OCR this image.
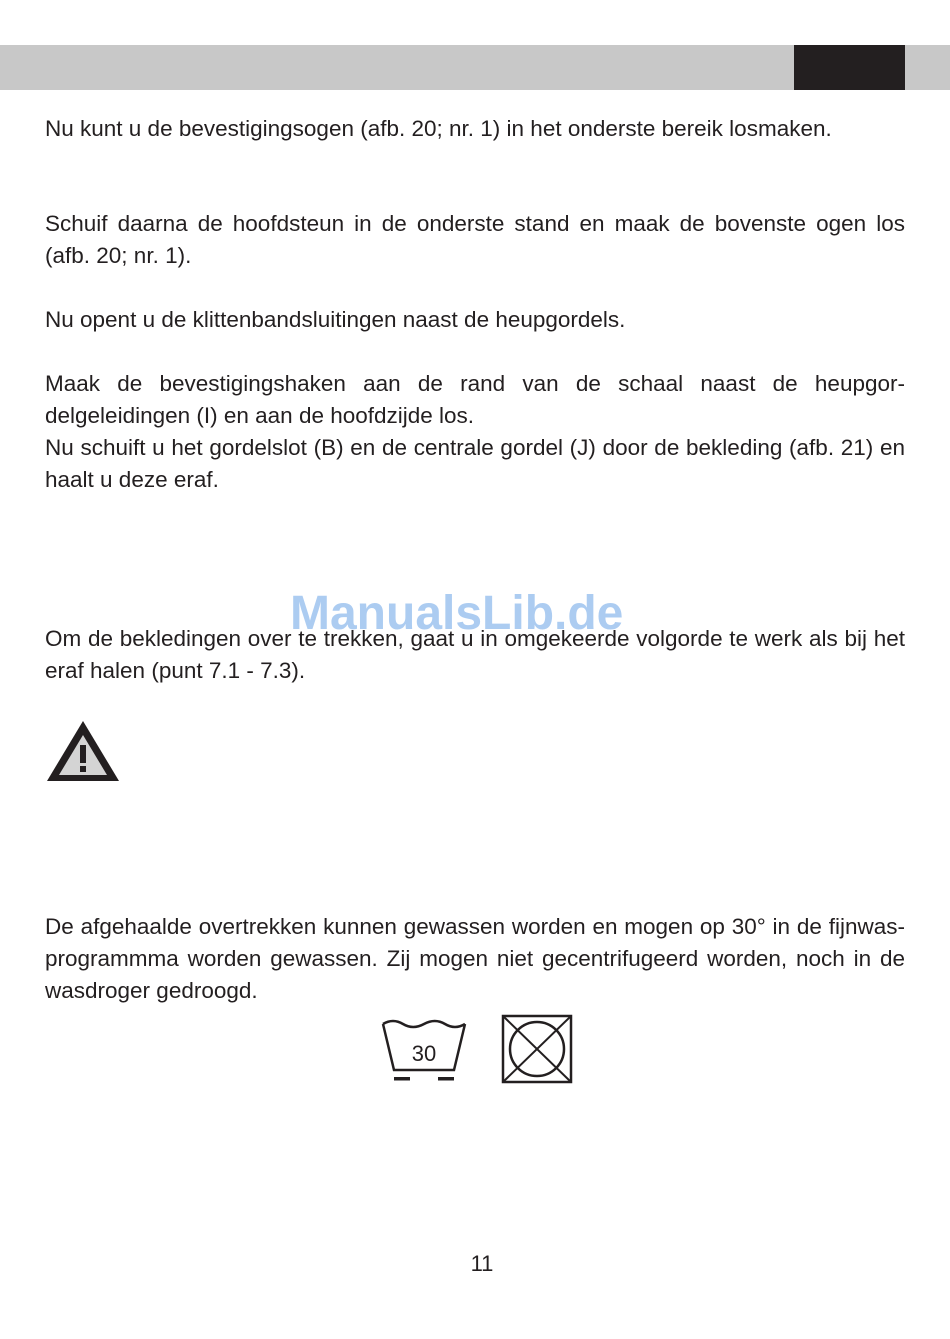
Nu kunt u de bevestigingsogen (afb. 20; nr. 1) in het onderste bereik losmaken.

Schuif daarna de hoofdsteun in de onderste stand en maak de bovenste ogen los (afb. 20; nr. 1).

Nu opent u de klittenbandsluitingen naast de heupgordels.

Maak de bevestigingshaken aan de rand van de schaal naast de heupgor-delgeleidingen (I) en aan de hoofdzijde los.

Nu schuift u het gordelslot (B) en de centrale gordel (J) door de bekleding (afb. 21) en haalt u deze eraf.

Om de bekledingen over te trekken, gaat u in omgekeerde volgorde te werk als bij het eraf halen (punt 7.1 - 7.3).

ManualsLib.de

De afgehaalde overtrekken kunnen gewassen worden en mogen op 30° in de fijnwas-programmma worden gewassen. Zij mogen niet gecentrifugeerd worden, noch in de wasdroger gedroogd.

30
11
